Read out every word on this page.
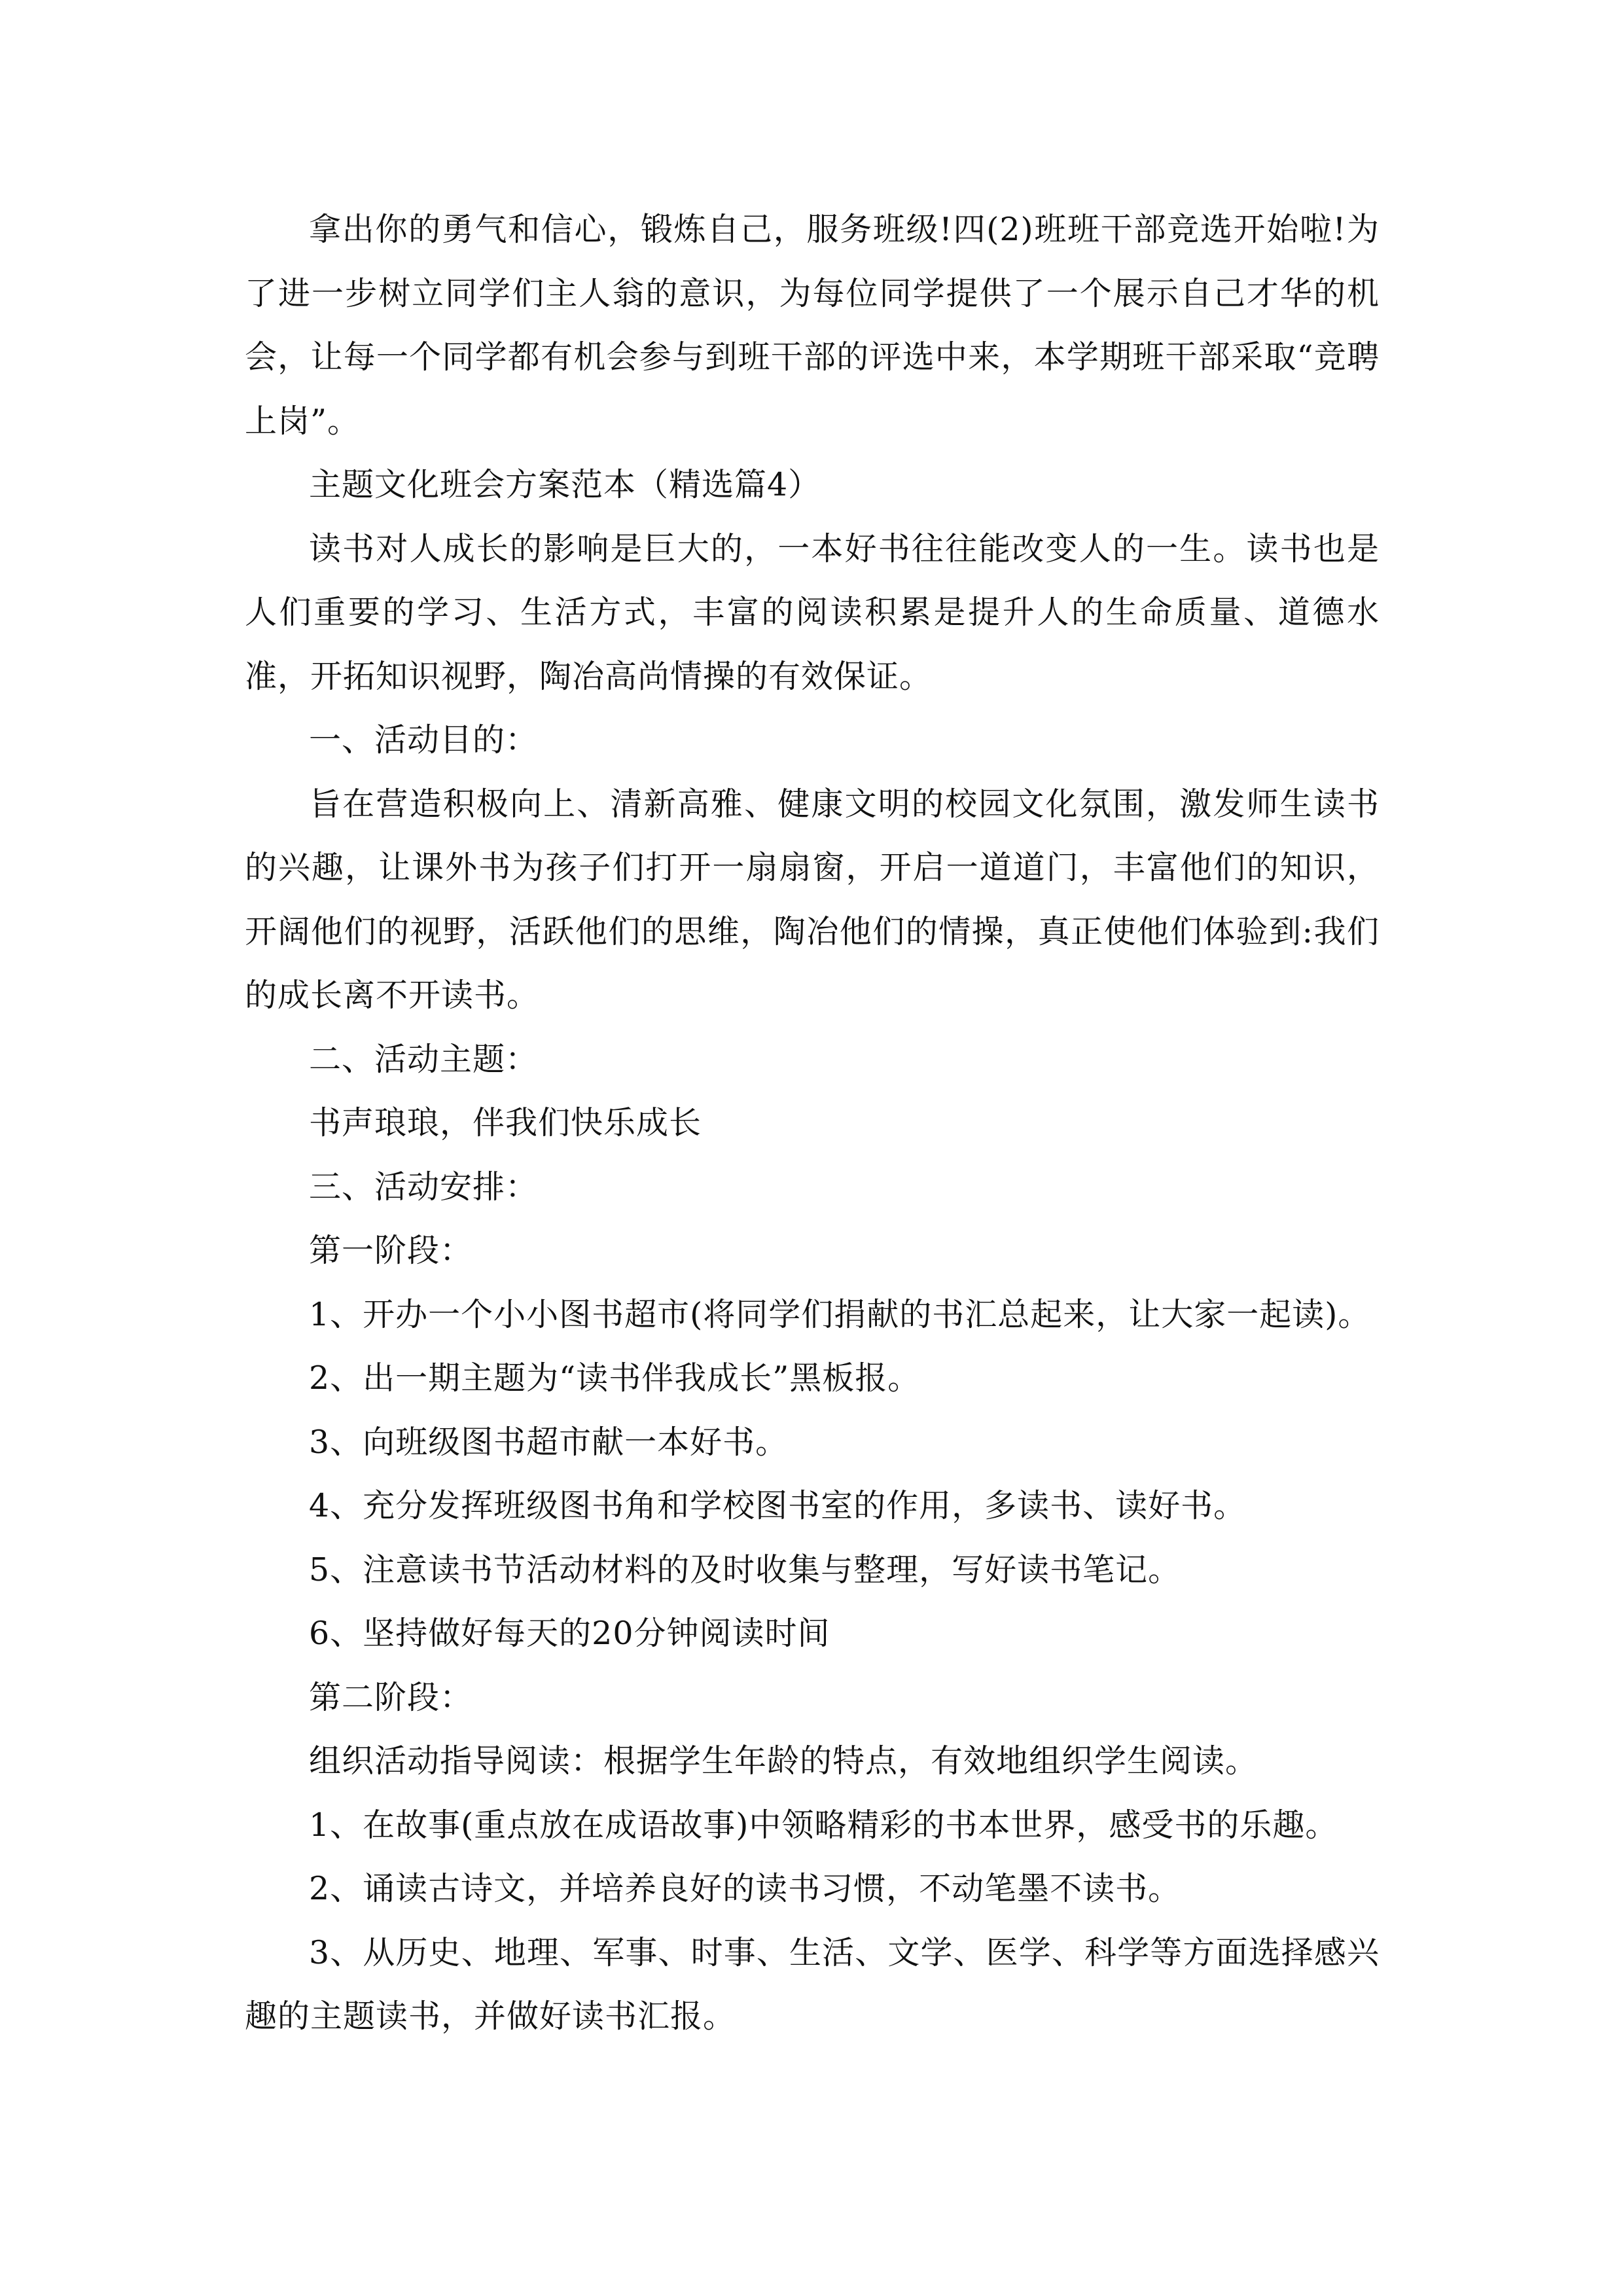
拿出你的勇气和信心，锻炼自己，服务班级!四(2)班班干部竞选开始啦!为了进一步树立同学们主人翁的意识，为每位同学提供了一个展示自己才华的机会，让每一个同学都有机会参与到班干部的评选中来，本学期班干部采取“竞聘上岗”。

主题文化班会方案范本（精选篇4）

读书对人成长的影响是巨大的，一本好书往往能改变人的一生。读书也是人们重要的学习、生活方式，丰富的阅读积累是提升人的生命质量、道德水准，开拓知识视野，陶冶高尚情操的有效保证。

一、活动目的：

旨在营造积极向上、清新高雅、健康文明的校园文化氛围，激发师生读书的兴趣，让课外书为孩子们打开一扇扇窗，开启一道道门，丰富他们的知识，开阔他们的视野，活跃他们的思维，陶冶他们的情操，真正使他们体验到:我们的成长离不开读书。

二、活动主题：

书声琅琅，伴我们快乐成长

三、活动安排：

第一阶段：

1、开办一个小小图书超市(将同学们捐献的书汇总起来，让大家一起读)。

2、出一期主题为“读书伴我成长”黑板报。

3、向班级图书超市献一本好书。

4、充分发挥班级图书角和学校图书室的作用，多读书、读好书。

5、注意读书节活动材料的及时收集与整理，写好读书笔记。

6、坚持做好每天的20分钟阅读时间

第二阶段：

组织活动指导阅读：根据学生年龄的特点，有效地组织学生阅读。

1、在故事(重点放在成语故事)中领略精彩的书本世界，感受书的乐趣。

2、诵读古诗文，并培养良好的读书习惯，不动笔墨不读书。

3、从历史、地理、军事、时事、生活、文学、医学、科学等方面选择感兴趣的主题读书，并做好读书汇报。
